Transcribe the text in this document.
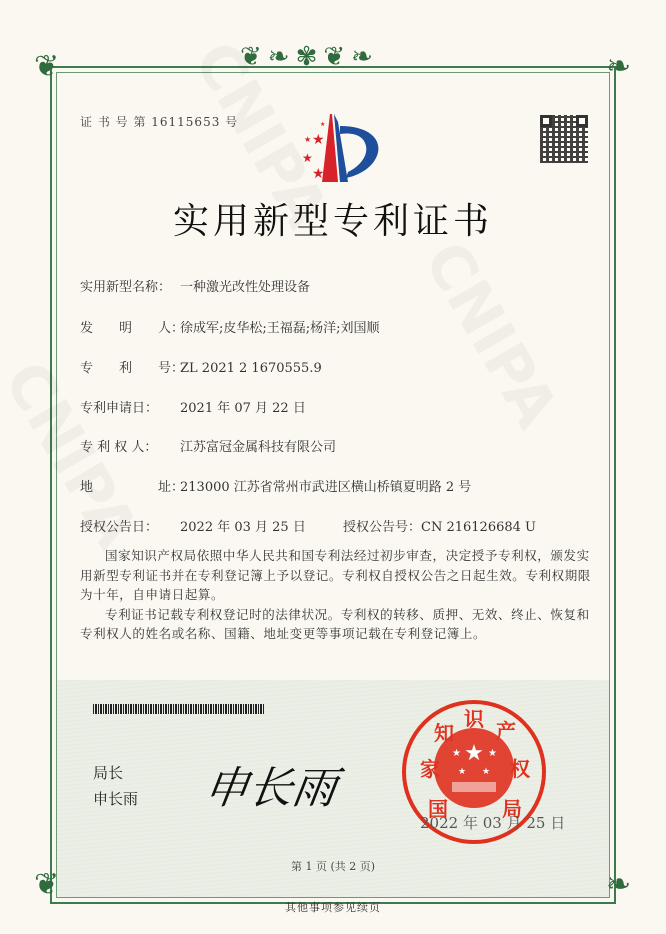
❦❧✾❦❧
❦	❧
❦	❧
证 书 号 第 16115653 号
★
★
★
★
★
实用新型专利证书
实用新型名称： 一种激光改性处理设备
发　　明　　人：徐成军;皮华松;王福磊;杨洋;刘国顺
专　　利　　号：ZL 2021 2 1670555.9
专利申请日： 2021 年 07 月 22 日
专 利 权 人： 江苏富冠金属科技有限公司
地　　　　　址：213000 江苏省常州市武进区横山桥镇夏明路 2 号
授权公告日： 2022 年 03 月 25 日	授权公告号：CN 216126684 U

国家知识产权局依照中华人民共和国专利法经过初步审查，决定授予专利权，颁发实用新型专利证书并在专利登记簿上予以登记。专利权自授权公告之日起生效。专利权期限为十年，自申请日起算。

专利证书记载专利权登记时的法律状况。专利权的转移、质押、无效、终止、恢复和专利权人的姓名或名称、国籍、地址变更等事项记载在专利登记簿上。

局长
申长雨 申长雨
★
★	★
★ ★
国
家
知
识 产
权
局
2022 年 03 月 25 日
第 1 页 (共 2 页)
其他事项参见续页
